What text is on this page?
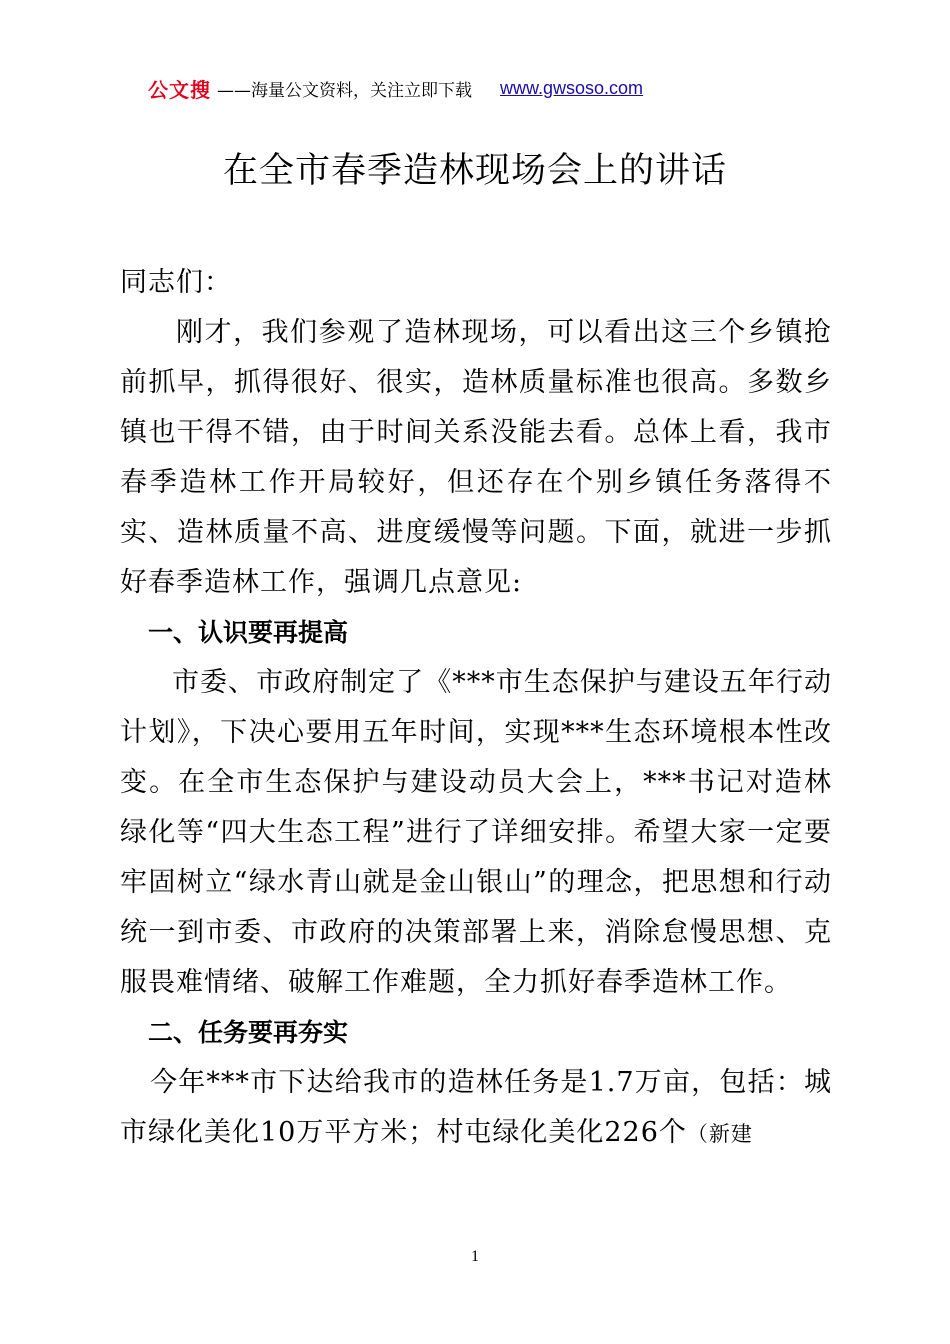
公文搜 ——海量公文资料，关注立即下载 www.gwsoso.com
在全市春季造林现场会上的讲话

同志们：

刚才，我们参观了造林现场，可以看出这三个乡镇抢前抓早，抓得很好、很实，造林质量标准也很高。多数乡镇也干得不错，由于时间关系没能去看。总体上看，我市春季造林工作开局较好，但还存在个别乡镇任务落得不实、造林质量不高、进度缓慢等问题。下面，就进一步抓好春季造林工作，强调几点意见:

一、认识要再提高

市委、市政府制定了《***市生态保护与建设五年行动计划》，下决心要用五年时间，实现***生态环境根本性改变。在全市生态保护与建设动员大会上，***书记对造林绿化等“四大生态工程”进行了详细安排。希望大家一定要牢固树立“绿水青山就是金山银山”的理念，把思想和行动统一到市委、市政府的决策部署上来，消除怠慢思想、克服畏难情绪、破解工作难题，全力抓好春季造林工作。

二、任务要再夯实

今年***市下达给我市的造林任务是1.7万亩，包括：城市绿化美化10万平方米；村屯绿化美化226个（新建

1
